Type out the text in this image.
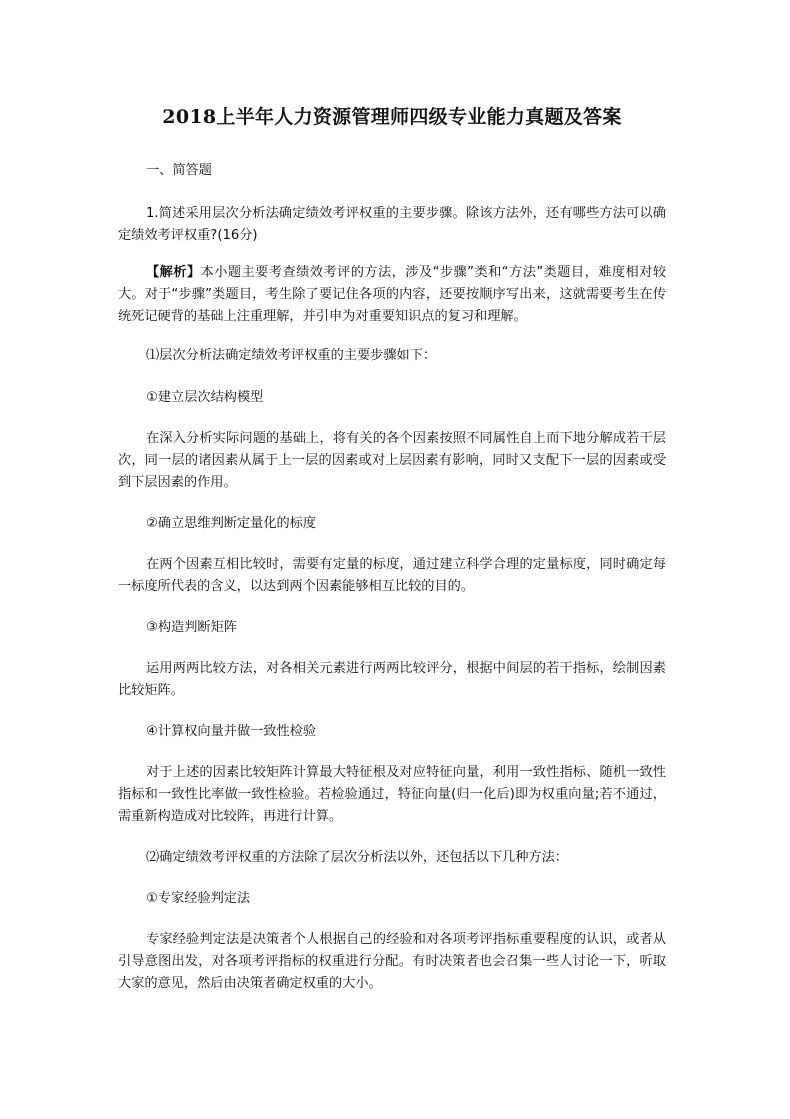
2018上半年人力资源管理师四级专业能力真题及答案

一、简答题

1.简述采用层次分析法确定绩效考评权重的主要步骤。除该方法外，还有哪些方法可以确定绩效考评权重?(16分)

【解析】本小题主要考查绩效考评的方法，涉及“步骤”类和“方法”类题目，难度相对较大。对于“步骤”类题目，考生除了要记住各项的内容，还要按顺序写出来，这就需要考生在传统死记硬背的基础上注重理解，并引申为对重要知识点的复习和理解。

⑴层次分析法确定绩效考评权重的主要步骤如下：

①建立层次结构模型

在深入分析实际问题的基础上，将有关的各个因素按照不同属性自上而下地分解成若干层次，同一层的诸因素从属于上一层的因素或对上层因素有影响，同时又支配下一层的因素或受到下层因素的作用。

②确立思维判断定量化的标度

在两个因素互相比较时，需要有定量的标度，通过建立科学合理的定量标度，同时确定每一标度所代表的含义，以达到两个因素能够相互比较的目的。

③构造判断矩阵

运用两两比较方法，对各相关元素进行两两比较评分，根据中间层的若干指标，绘制因素比较矩阵。

④计算权向量并做一致性检验

对于上述的因素比较矩阵计算最大特征根及对应特征向量，利用一致性指标、随机一致性指标和一致性比率做一致性检验。若检验通过，特征向量(归一化后)即为权重向量;若不通过，需重新构造成对比较阵，再进行计算。

⑵确定绩效考评权重的方法除了层次分析法以外，还包括以下几种方法：

①专家经验判定法

专家经验判定法是决策者个人根据自己的经验和对各项考评指标重要程度的认识，或者从引导意图出发，对各项考评指标的权重进行分配。有时决策者也会召集一些人讨论一下，听取大家的意见，然后由决策者确定权重的大小。
